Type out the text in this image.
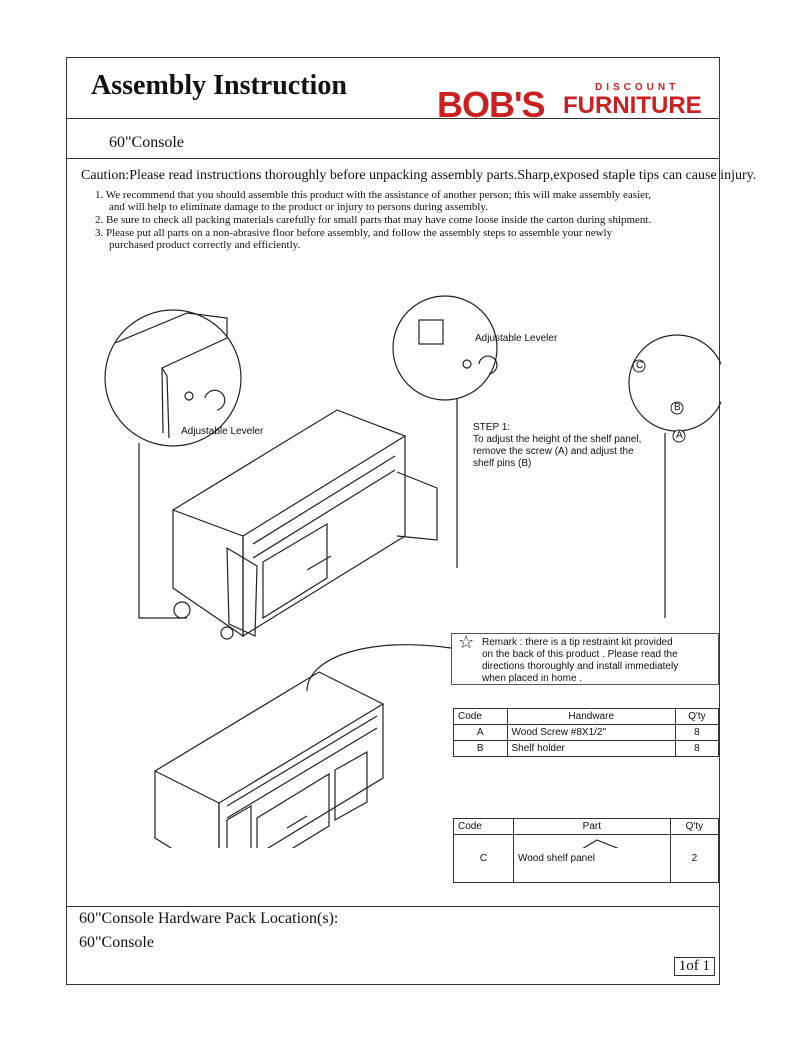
Assembly Instruction	BOB'S	DISCOUNT
FURNITURE
60"Console
Caution:Please read instructions thoroughly before unpacking assembly parts.Sharp,exposed staple tips can cause injury.
1. We recommend that you should assemble this product with the assistance of another person; this will make assembly easier,
and will help to eliminate damage to the product or injury to persons during assembly.
2. Be sure to check all packing materials carefully for small parts that may have come loose inside the carton during shipment.
3. Please put all parts on a non-abrasive floor before assembly, and follow the assembly steps to assemble your newly
purchased product correctly and efficiently.
Adjustable Leveler
Adjustable Leveler
C
B
A
STEP 1:
To adjust the height of the shelf panel,
remove the screw (A) and adjust the
shelf pins (B)
☆ Remark : there is a tip restraint kit provided
on the back of this product . Please read the
directions thoroughly and install immediately
when placed in home .
Code	Handware	Q'ty
A	Wood Screw #8X1/2"	8
B	Shelf holder	8
Code	Part	Q'ty
C	Wood shelf panel	2
60"Console Hardware Pack Location(s):
60"Console
1of 1
